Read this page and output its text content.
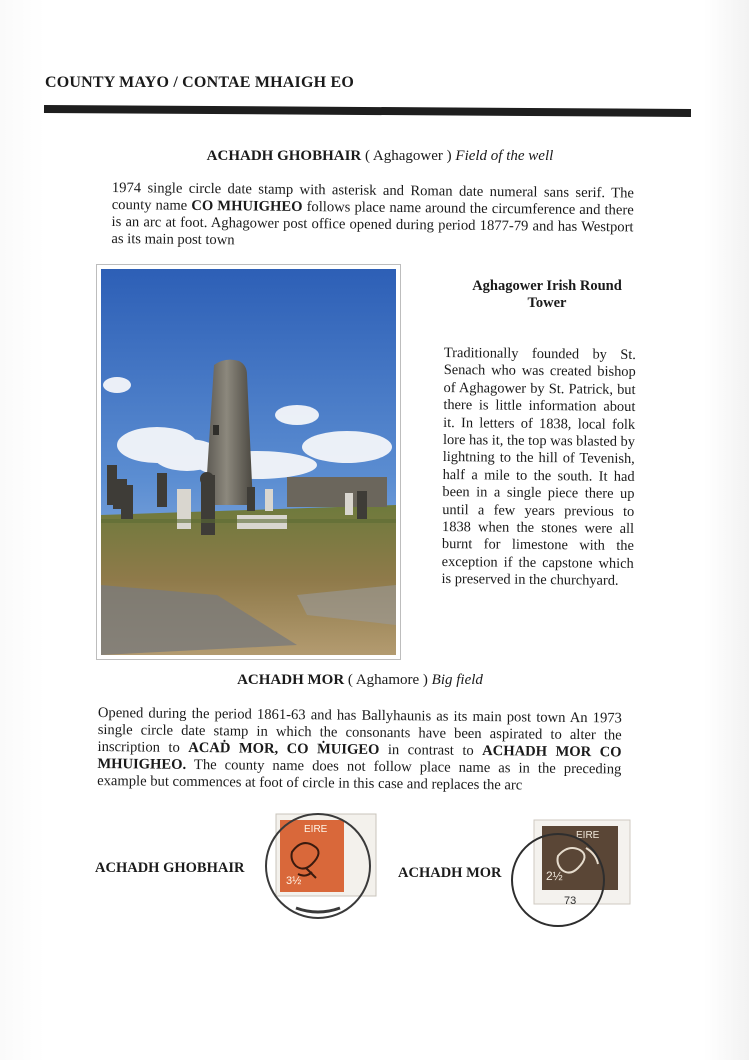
COUNTY MAYO / CONTAE MHAIGH EO
ACHADH GHOBHAIR ( Aghagower ) Field of the well
1974 single circle date stamp with asterisk and Roman date numeral sans serif. The county name CO MHUIGHEO follows place name around the circumference and there is an arc at foot. Aghagower post office opened during period 1877-79 and has Westport as its main post town
Aghagower Irish Round Tower
Traditionally founded by St. Senach who was created bishop of Aghagower by St. Patrick, but there is little information about it. In letters of 1838, local folk lore has it, the top was blasted by lightning to the hill of Tevenish, half a mile to the south. It had been in a single piece there up until a few years previous to 1838 when the stones were all burnt for limestone with the exception if the capstone which is preserved in the churchyard.
ACHADH MOR ( Aghamore ) Big field
Opened during the period 1861-63 and has Ballyhaunis as its main post town An 1973 single circle date stamp in which the consonants have been aspirated to alter the inscription to ACAḊ MOR, CO ṀUIGEO in contrast to ACHADH MOR CO MHUIGHEO. The county name does not follow place name as in the preceding example but commences at foot of circle in this case and replaces the arc
ACHADH GHOBHAIR	ACHADH MOR
EIRE
3½
EIRE
2½
73
